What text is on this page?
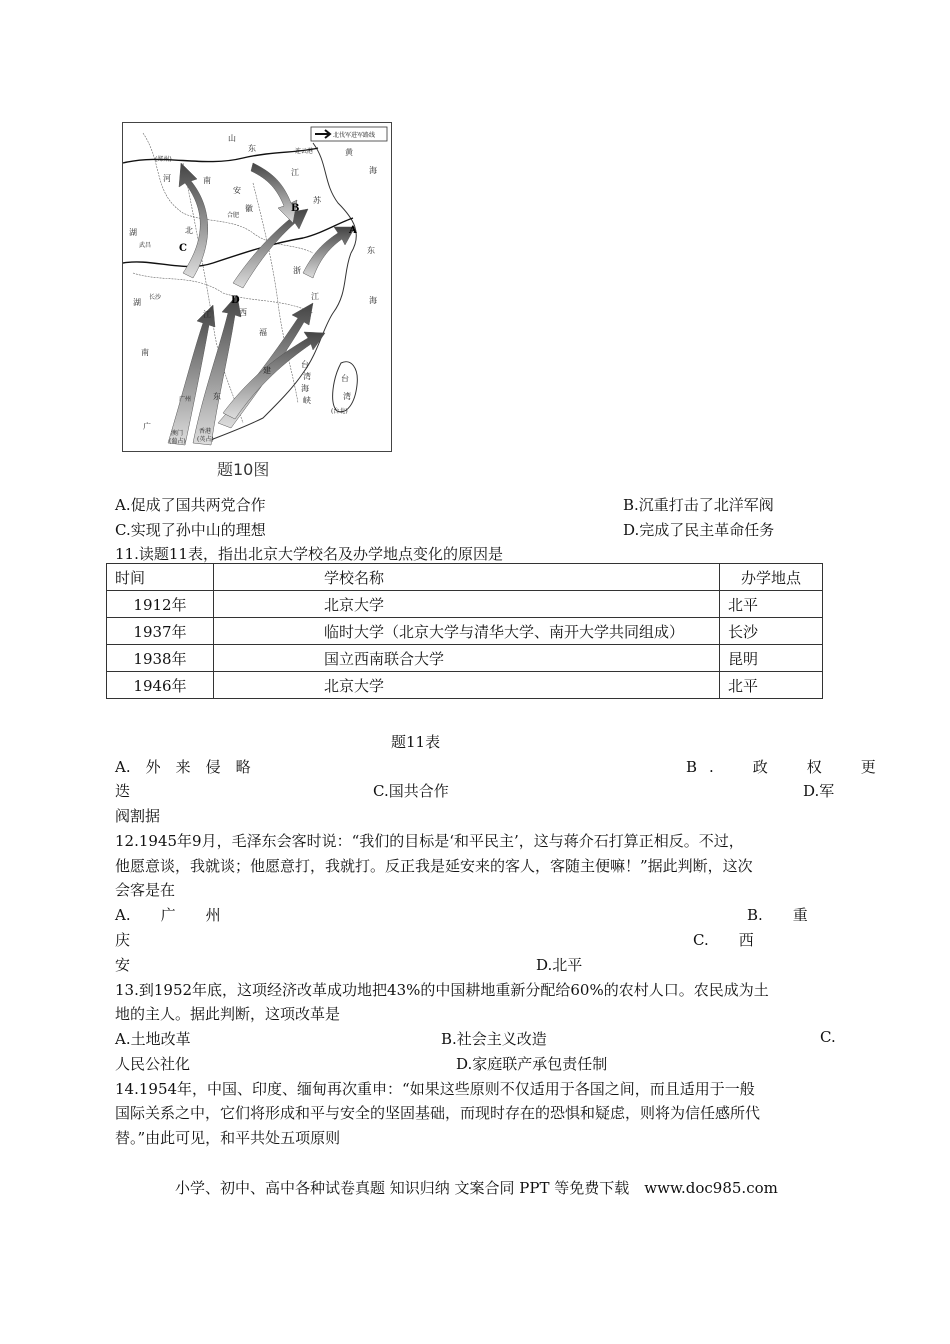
北伐军进军路线
A
B
C
D
山
东	连云港	黄
海
河	南
(郑州)
安
江
苏
徽
合肥
湖	北
武昌
浙
江
东
海
长沙
湖
南
江	西
福
建
台
湾
海
峡
台
湾
(台北)
东
广
广州
香港
(英占)
澳门
(葡占)
题10图
A.促成了国共两党合作	B.沉重打击了北洋军阀
C.实现了孙中山的理想	D.完成了民主革命任务
11.读题11表，指出北京大学校名及办学地点变化的原因是
时间	学校名称	办学地点
1912年	北京大学	北平
1937年	临时大学（北京大学与清华大学、南开大学共同组成）	长沙
1938年	国立西南联合大学	昆明
1946年	北京大学	北平
题11表
A.　外　来　侵　略	B.　政　权　更
迭	C.国共合作	D.军
阀割据
12.1945年9月，毛泽东会客时说：“我们的目标是‘和平民主’，这与蒋介石打算正相反。不过，
他愿意谈，我就谈；他愿意打，我就打。反正我是延安来的客人，客随主便嘛！”据此判断，这次
会客是在
A.　　广　　州	B.　　重
庆	C.　　西
安	D.北平
13.到1952年底，这项经济改革成功地把43%的中国耕地重新分配给60%的农村人口。农民成为土
地的主人。据此判断，这项改革是
A.土地改革	B.社会主义改造	C.
人民公社化	D.家庭联产承包责任制
14.1954年，中国、印度、缅甸再次重申：“如果这些原则不仅适用于各国之间，而且适用于一般
国际关系之中，它们将形成和平与安全的坚固基础，而现时存在的恐惧和疑虑，则将为信任感所代
替。”由此可见，和平共处五项原则
小学、初中、高中各种试卷真题 知识归纳 文案合同 PPT 等免费下载　www.doc985.com
